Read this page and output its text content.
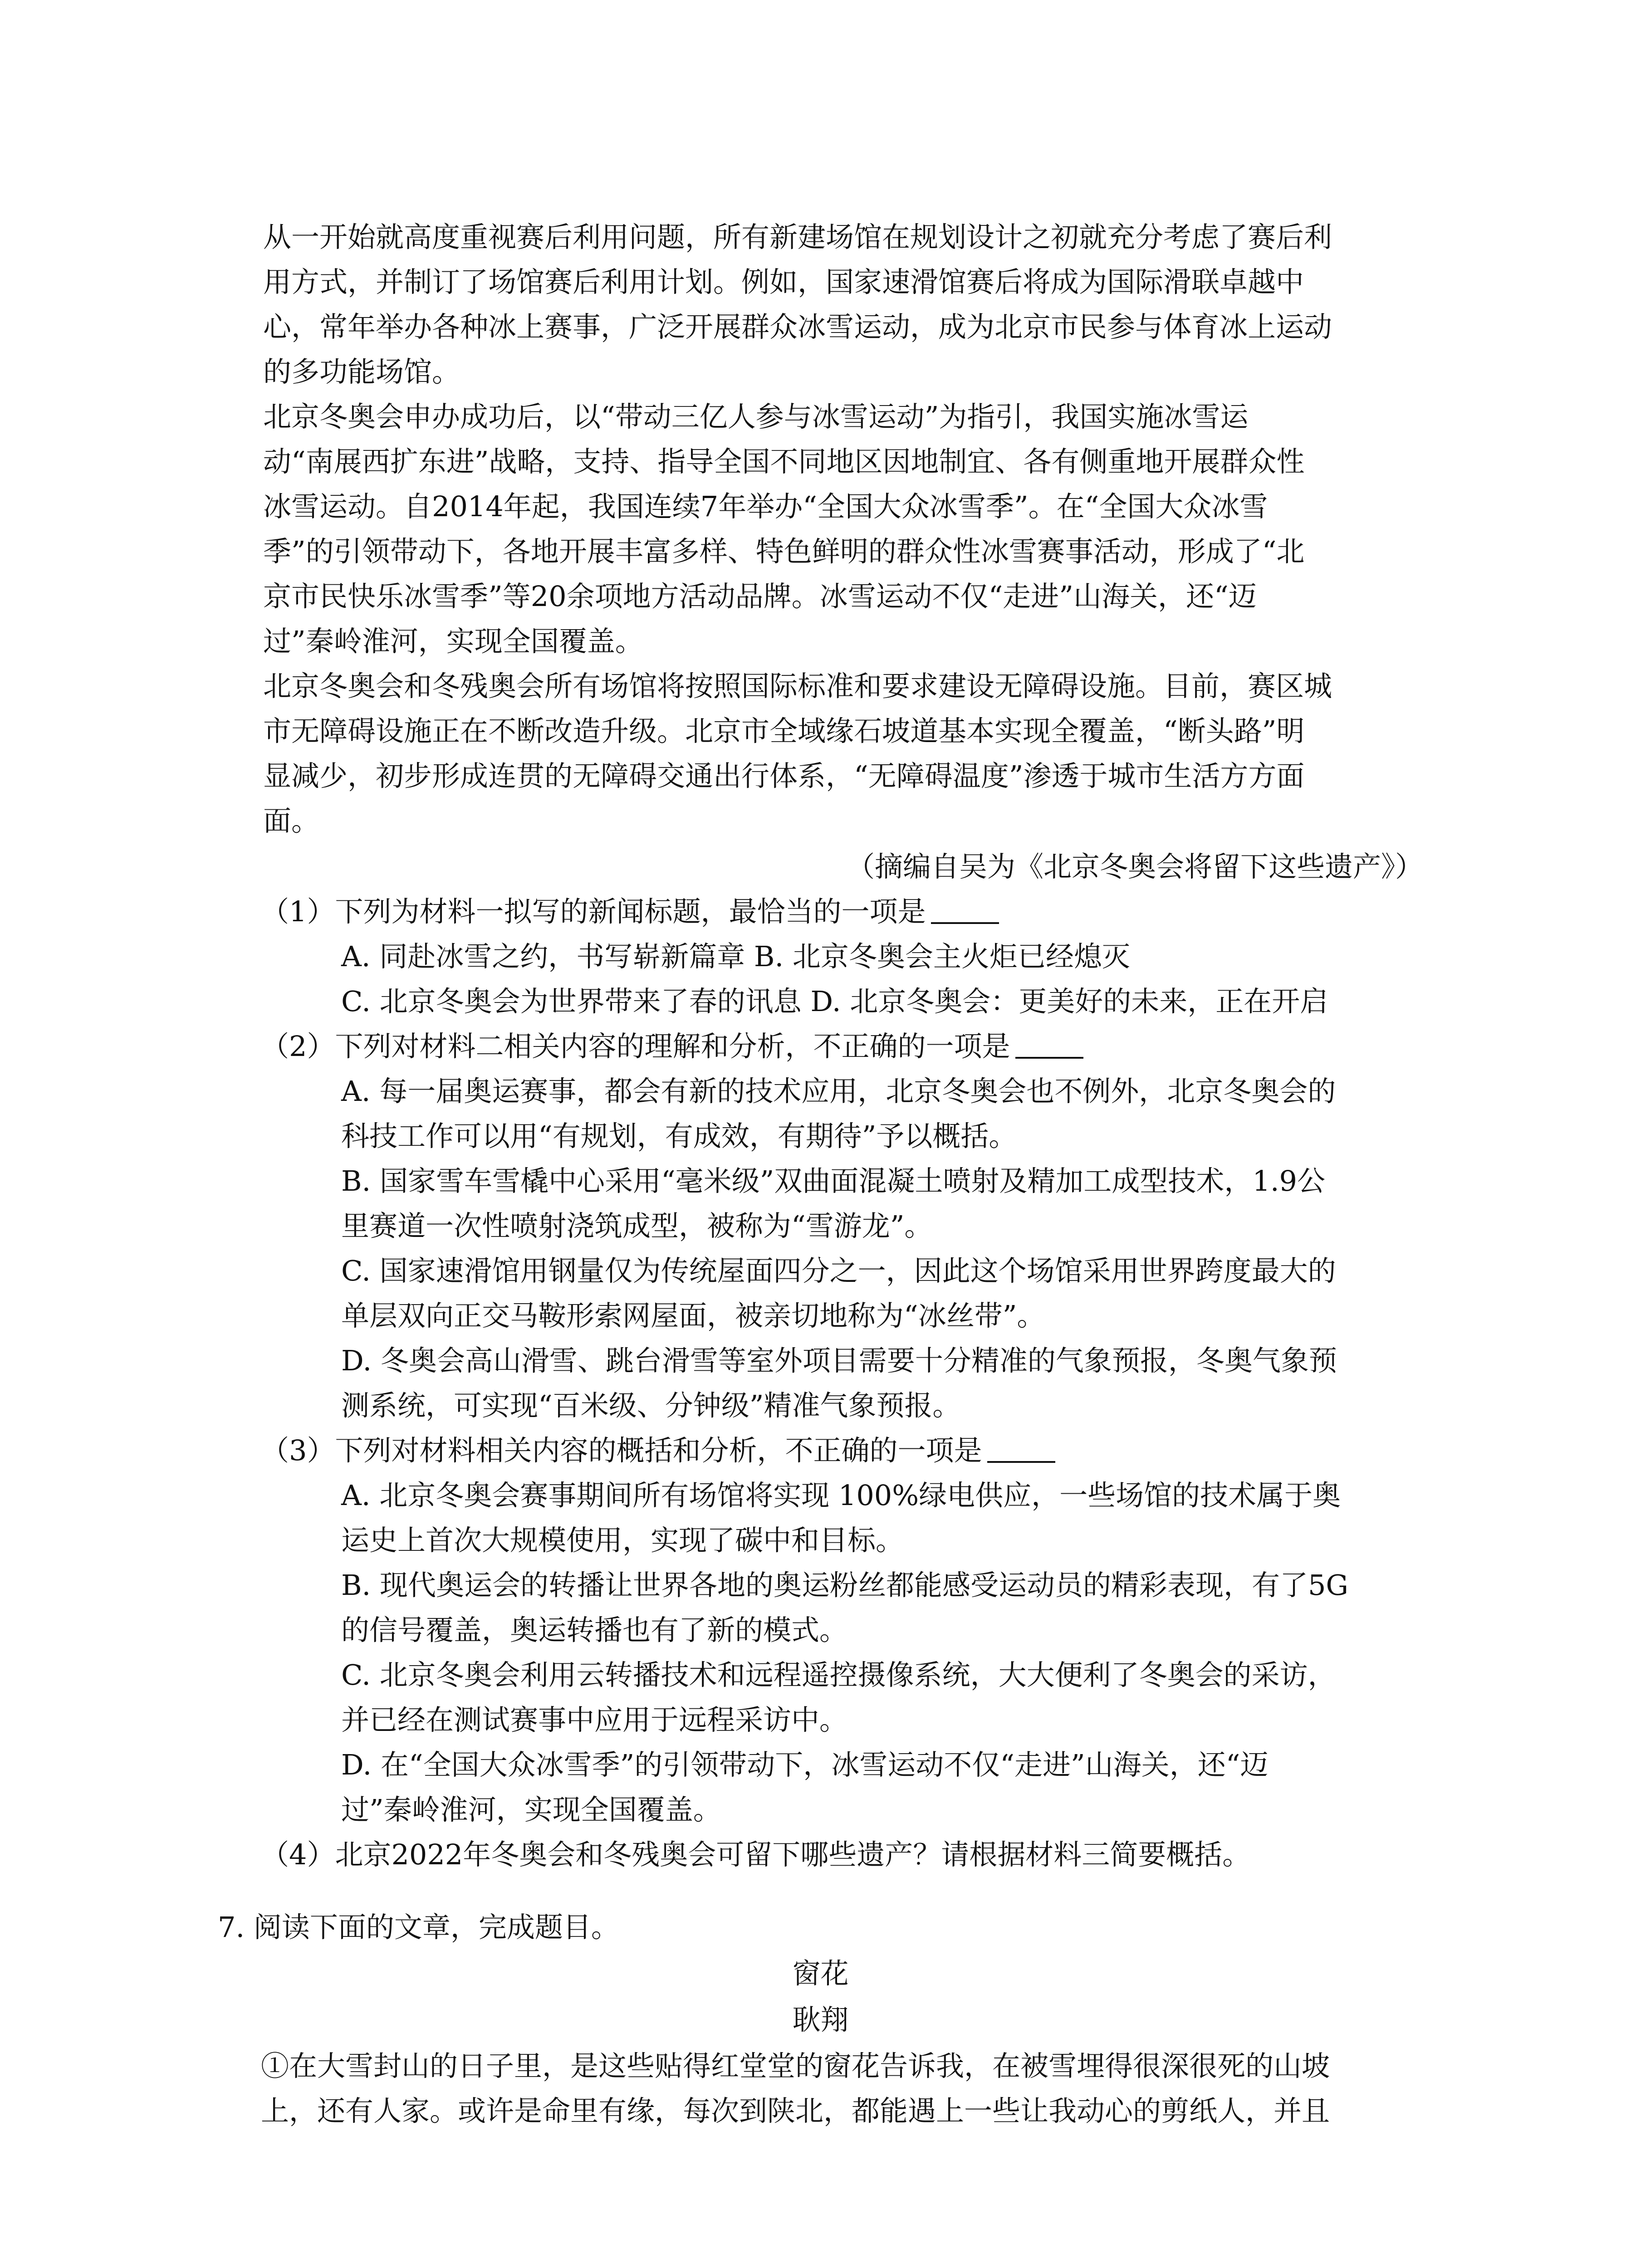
从一开始就高度重视赛后利用问题，所有新建场馆在规划设计之初就充分考虑了赛后利
用方式，并制订了场馆赛后利用计划。例如，国家速滑馆赛后将成为国际滑联卓越中
心，常年举办各种冰上赛事，广泛开展群众冰雪运动，成为北京市民参与体育冰上运动
的多功能场馆。
北京冬奥会申办成功后，以“带动三亿人参与冰雪运动”为指引，我国实施冰雪运
动“南展西扩东进”战略，支持、指导全国不同地区因地制宜、各有侧重地开展群众性
冰雪运动。自2014年起，我国连续7年举办“全国大众冰雪季”。在“全国大众冰雪
季”的引领带动下，各地开展丰富多样、特色鲜明的群众性冰雪赛事活动，形成了“北
京市民快乐冰雪季”等20余项地方活动品牌。冰雪运动不仅“走进”山海关，还“迈
过”秦岭淮河，实现全国覆盖。
北京冬奥会和冬残奥会所有场馆将按照国际标准和要求建设无障碍设施。目前，赛区城
市无障碍设施正在不断改造升级。北京市全域缘石坡道基本实现全覆盖，“断头路”明
显减少，初步形成连贯的无障碍交通出行体系，“无障碍温度”渗透于城市生活方方面
面。
（摘编自吴为《北京冬奥会将留下这些遗产》）
（1）下列为材料一拟写的新闻标题，最恰当的一项是
A. 同赴冰雪之约，书写崭新篇章 B. 北京冬奥会主火炬已经熄灭
C. 北京冬奥会为世界带来了春的讯息 D. 北京冬奥会：更美好的未来，正在开启
（2）下列对材料二相关内容的理解和分析，不正确的一项是
A. 每一届奥运赛事，都会有新的技术应用，北京冬奥会也不例外，北京冬奥会的
科技工作可以用“有规划，有成效，有期待”予以概括。
B. 国家雪车雪橇中心采用“毫米级”双曲面混凝土喷射及精加工成型技术，1.9公
里赛道一次性喷射浇筑成型，被称为“雪游龙”。
C. 国家速滑馆用钢量仅为传统屋面四分之一，因此这个场馆采用世界跨度最大的
单层双向正交马鞍形索网屋面，被亲切地称为“冰丝带”。
D. 冬奥会高山滑雪、跳台滑雪等室外项目需要十分精准的气象预报，冬奥气象预
测系统，可实现“百米级、分钟级”精准气象预报。
（3）下列对材料相关内容的概括和分析，不正确的一项是
A. 北京冬奥会赛事期间所有场馆将实现 100%绿电供应，一些场馆的技术属于奥
运史上首次大规模使用，实现了碳中和目标。
B. 现代奥运会的转播让世界各地的奥运粉丝都能感受运动员的精彩表现，有了5G
的信号覆盖，奥运转播也有了新的模式。
C. 北京冬奥会利用云转播技术和远程遥控摄像系统，大大便利了冬奥会的采访，
并已经在测试赛事中应用于远程采访中。
D. 在“全国大众冰雪季”的引领带动下，冰雪运动不仅“走进”山海关，还“迈
过”秦岭淮河，实现全国覆盖。
（4）北京2022年冬奥会和冬残奥会可留下哪些遗产？请根据材料三简要概括。
7. 阅读下面的文章，完成题目。
窗花
耿翔
①在大雪封山的日子里，是这些贴得红堂堂的窗花告诉我，在被雪埋得很深很死的山坡
上，还有人家。或许是命里有缘，每次到陕北，都能遇上一些让我动心的剪纸人，并且
